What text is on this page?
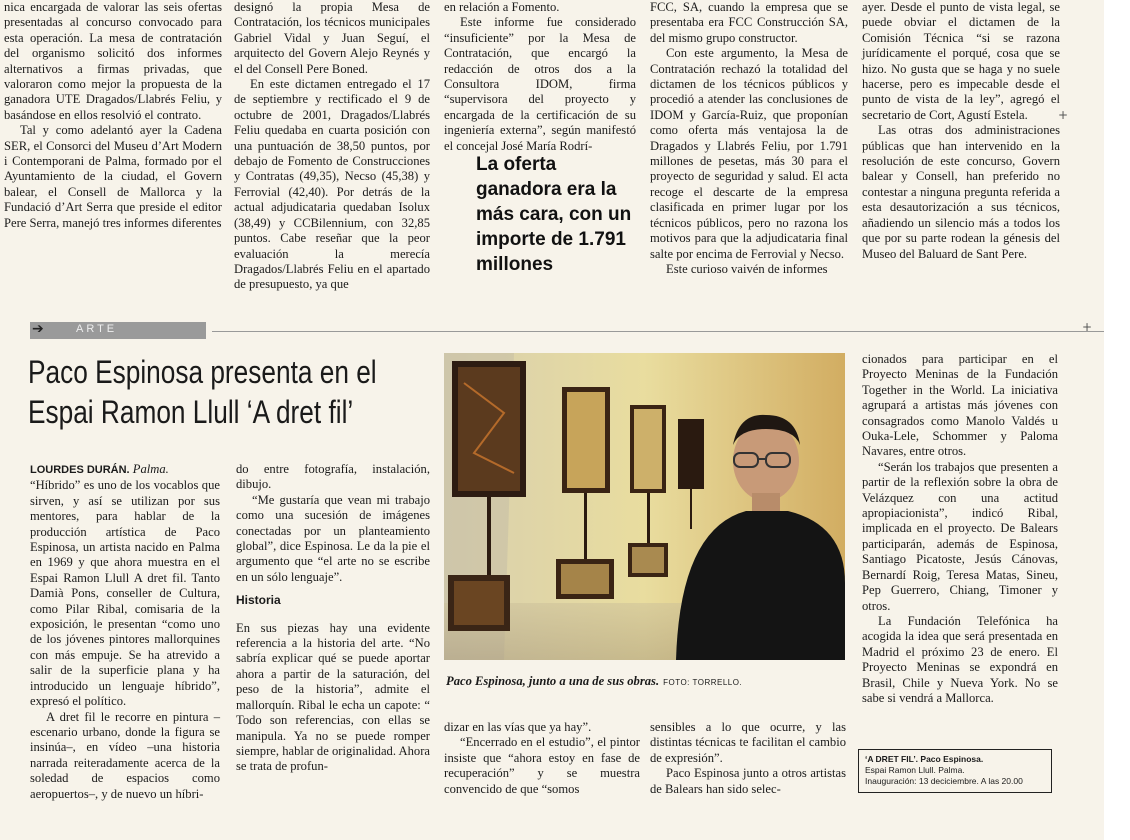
nica encargada de valorar las seis ofertas presentadas al concurso convocado para esta operación. La mesa de contratación del organismo solicitó dos informes alternativos a firmas privadas, que valoraron como mejor la propuesta de la ganadora UTE Dragados/Llabrés Feliu, y basándose en ellos resolvió el contrato.

Tal y como adelantó ayer la Cadena SER, el Consorci del Museu d’Art Modern i Contemporani de Palma, formado por el Ayuntamiento de la ciudad, el Govern balear, el Consell de Mallorca y la Fundació d’Art Serra que preside el editor Pere Serra, manejó tres informes diferentes

designó la propia Mesa de Contratación, los técnicos municipales Gabriel Vidal y Juan Seguí, el arquitecto del Govern Alejo Reynés y el del Consell Pere Boned.

En este dictamen entregado el 17 de septiembre y rectificado el 9 de octubre de 2001, Dragados/Llabrés Feliu quedaba en cuarta posición con una puntuación de 38,50 puntos, por debajo de Fomento de Construcciones y Contratas (49,35), Necso (45,38) y Ferrovial (42,40). Por detrás de la actual adjudicataria quedaban Isolux (38,49) y CCBilennium, con 32,85 puntos. Cabe reseñar que la peor evaluación la merecía Dragados/Llabrés Feliu en el apartado de presupuesto, ya que

en relación a Fomento.

Este informe fue considerado “insuficiente” por la Mesa de Contratación, que encargó la redacción de otros dos a la Consultora IDOM, firma “supervisora del proyecto y encargada de la certificación de su ingeniería externa”, según manifestó el concejal José María Rodrí-

La oferta ganadora era la más cara, con un importe de 1.791 millones

FCC, SA, cuando la empresa que se presentaba era FCC Construcción SA, del mismo grupo constructor.

Con este argumento, la Mesa de Contratación rechazó la totalidad del dictamen de los técnicos públicos y procedió a atender las conclusiones de IDOM y García-Ruiz, que proponían como oferta más ventajosa la de Dragados y Llabrés Feliu, por 1.791 millones de pesetas, más 30 para el proyecto de seguridad y salud. El acta recoge el descarte de la empresa clasificada en primer lugar por los técnicos públicos, pero no razona los motivos para que la adjudicataria final salte por encima de Ferrovial y Necso.

Este curioso vaivén de informes

ayer. Desde el punto de vista legal, se puede obviar el dictamen de la Comisión Técnica “si se razona jurídicamente el porqué, cosa que se hizo. No gusta que se haga y no suele hacerse, pero es impecable desde el punto de vista de la ley”, agregó el secretario de Cort, Agustí Estela.

Las otras dos administraciones públicas que han intervenido en la resolución de este concurso, Govern balear y Consell, han preferido no contestar a ninguna pregunta referida a esta desautorización a sus técnicos, añadiendo un silencio más a todos los que por su parte rodean la génesis del Museo del Baluard de Sant Pere.

➔	ARTE
Paco Espinosa presenta en el
Espai Ramon Llull ‘A dret fil’
Paco Espinosa, junto a una de sus obras. FOTO: TORRELLO.

LOURDES DURÁN. Palma.

“Híbrido” es uno de los vocablos que sirven, y así se utilizan por sus mentores, para hablar de la producción artística de Paco Espinosa, un artista nacido en Palma en 1969 y que ahora muestra en el Espai Ramon Llull A dret fil. Tanto Damià Pons, conseller de Cultura, como Pilar Ribal, comisaria de la exposición, le presentan “como uno de los jóvenes pintores mallorquines con más empuje. Se ha atrevido a salir de la superficie plana y ha introducido un lenguaje híbrido”, expresó el político.

A dret fil le recorre en pintura –escenario urbano, donde la figura se insinúa–, en vídeo –una historia narrada reiteradamente acerca de la soledad de espacios como aeropuertos–, y de nuevo un híbri-

do entre fotografía, instalación, dibujo.

“Me gustaría que vean mi trabajo como una sucesión de imágenes conectadas por un planteamiento global”, dice Espinosa. Le da la pie el argumento que “el arte no se escribe en un sólo lenguaje”.

Historia

En sus piezas hay una evidente referencia a la historia del arte. “No sabría explicar qué se puede aportar ahora a partir de la saturación, del peso de la historia”, admite el mallorquín. Ribal le echa un capote: “ Todo son referencias, con ellas se manipula. Ya no se puede romper siempre, hablar de originalidad. Ahora se trata de profun-

dizar en las vías que ya hay”.

“Encerrado en el estudio”, el pintor insiste que “ahora estoy en fase de recuperación” y se muestra convencido de que “somos

sensibles a lo que ocurre, y las distintas técnicas te facilitan el cambio de expresión”.

Paco Espinosa junto a otros artistas de Balears han sido selec-

cionados para participar en el Proyecto Meninas de la Fundación Together in the World. La iniciativa agrupará a artistas más jóvenes con consagrados como Manolo Valdés u Ouka-Lele, Schommer y Paloma Navares, entre otros.

“Serán los trabajos que presenten a partir de la reflexión sobre la obra de Velázquez con una actitud apropiacionista”, indicó Ribal, implicada en el proyecto. De Balears participarán, además de Espinosa, Santiago Picatoste, Jesús Cánovas, Bernardí Roig, Teresa Matas, Sineu, Pep Guerrero, Chiang, Timoner y otros.

La Fundación Telefónica ha acogida la idea que será presentada en Madrid el próximo 23 de enero. El Proyecto Meninas se expondrá en Brasil, Chile y Nueva York. No se sabe si vendrá a Mallorca.

‘A DRET FIL’. Paco Espinosa.
Espai Ramon Llull. Palma.
Inauguración: 13 deciciembre. A las 20.00
+
+
